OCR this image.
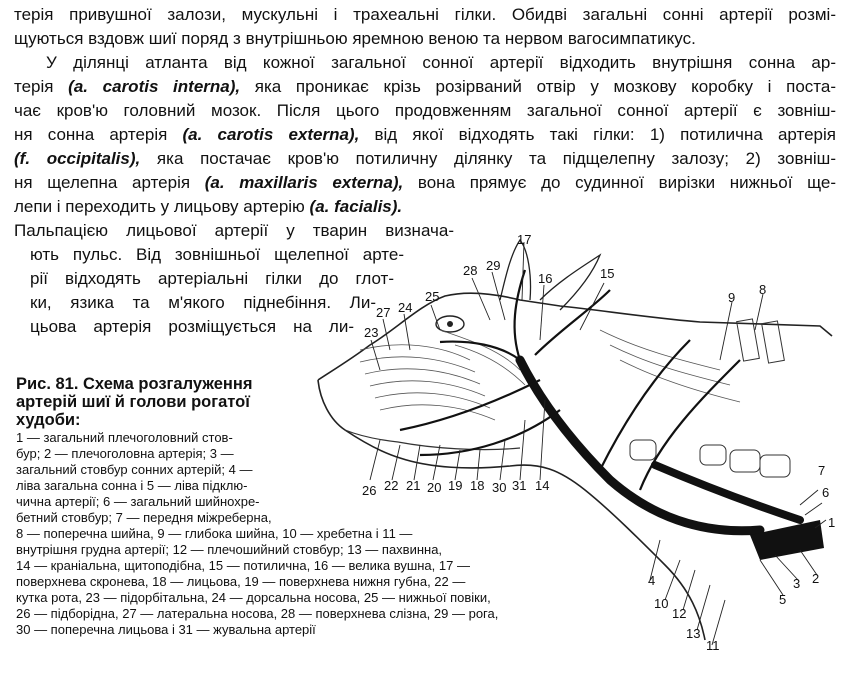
терія привушної залози, мускульні і трахеальні гілки. Обидві загальні сонні артерії розмі-
щуються вздовж шиї поряд з внутрішньою яремною веною та нервом вагосимпатикус.
У ділянці атланта від кожної загальної сонної артерії відходить внутрішня сонна ар-
терія (a. carotis interna), яка проникає крізь розірваний отвір у мозкову коробку і поста-
чає кров'ю головний мозок. Після цього продовженням загальної сонної артерії є зовніш-
ня сонна артерія (a. carotis externa), від якої відходять такі гілки: 1) потилична артерія
(f. occipitalis), яка постачає кров'ю потиличну ділянку та підщелепну залозу; 2) зовніш-
ня щелепна артерія (a. maxillaris externa), вона прямує до судинної вирізки нижньої ще-
лепи і переходить у лицьову артерію (a. facialis).
Пальпацією лицьової артерії у тварин визнача-
ють пульс. Від зовнішньої щелепної арте-
рії відходять артеріальні гілки до глот-
ки, язика та м'якого піднебіння. Ли-
цьова артерія розміщується на ли-
1
2
3
4
5
6
7
8
9
10
11
12
13
14
15
16
17
18
19
20
21
22
23
24
25
26
27
28 29
30 31
Рис. 81. Схема розгалуження
артерій шиї й голови рогатої
худоби:
1 — загальний плечоголовний стов-
бур; 2 — плечоголовна артерія; 3 —
загальний стовбур сонних артерій; 4 —
ліва загальна сонна і 5 — ліва підклю-
чична артерії; 6 — загальний шийнохре-
бетний стовбур; 7 — передня міжреберна,
8 — поперечна шийна, 9 — глибока шийна, 10 — хребетна і 11 —
внутрішня грудна артерії; 12 — плечошийний стовбур; 13 — пахвинна,
14 — краніальна, щитоподібна, 15 — потилична, 16 — велика вушна, 17 —
поверхнева скронева, 18 — лицьова, 19 — поверхнева нижня губна, 22 —
кутка рота, 23 — підорбітальна, 24 — дорсальна носова, 25 — нижньої повіки,
26 — підборідна, 27 — латеральна носова, 28 — поверхнева слізна, 29 — рога,
30 — поперечна лицьова і 31 — жувальна артерії
